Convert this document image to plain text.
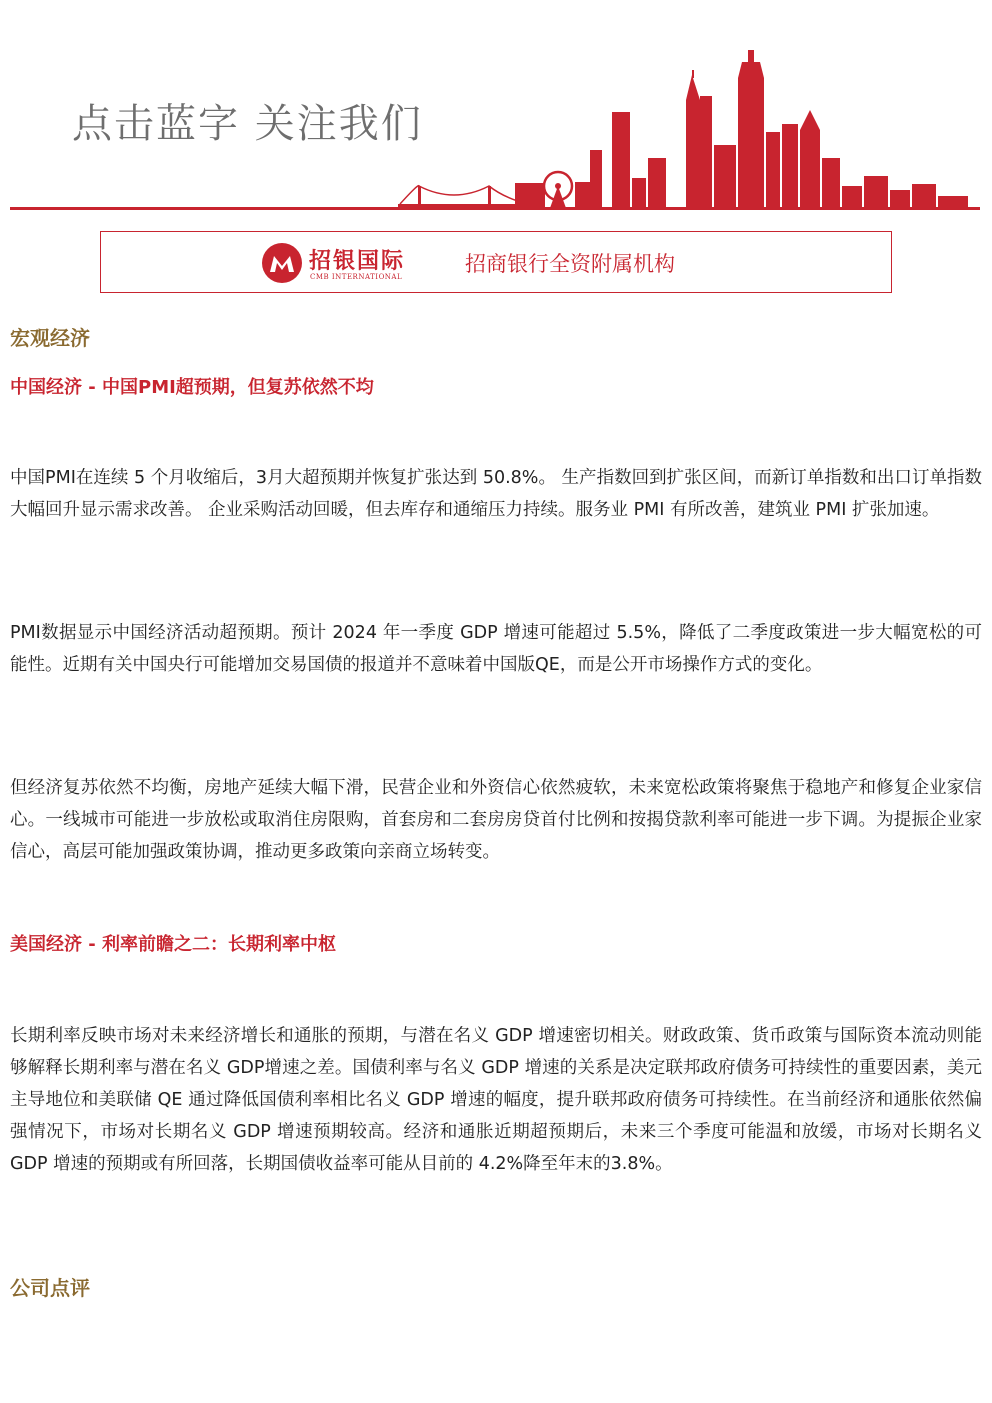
点击蓝字 关注我们
招银国际
CMB INTERNATIONAL
招商银行全资附属机构
宏观经济
中国经济 - 中国PMI超预期，但复苏依然不均
中国PMI在连续 5 个月收缩后，3月大超预期并恢复扩张达到 50.8%。 生产指数回到扩张区间，而新订单指数和出口订单指数大幅回升显示需求改善。 企业采购活动回暖，但去库存和通缩压力持续。服务业 PMI 有所改善，建筑业 PMI 扩张加速。
PMI数据显示中国经济活动超预期。预计 2024 年一季度 GDP 增速可能超过 5.5%，降低了二季度政策进一步大幅宽松的可能性。近期有关中国央行可能增加交易国债的报道并不意味着中国版QE，而是公开市场操作方式的变化。
但经济复苏依然不均衡，房地产延续大幅下滑，民营企业和外资信心依然疲软，未来宽松政策将聚焦于稳地产和修复企业家信心。一线城市可能进一步放松或取消住房限购，首套房和二套房房贷首付比例和按揭贷款利率可能进一步下调。为提振企业家信心，高层可能加强政策协调，推动更多政策向亲商立场转变。
美国经济 - 利率前瞻之二：长期利率中枢
长期利率反映市场对未来经济增长和通胀的预期，与潜在名义 GDP 增速密切相关。财政政策、货币政策与国际资本流动则能够解释长期利率与潜在名义 GDP增速之差。国债利率与名义 GDP 增速的关系是决定联邦政府债务可持续性的重要因素，美元主导地位和美联储 QE 通过降低国债利率相比名义 GDP 增速的幅度，提升联邦政府债务可持续性。在当前经济和通胀依然偏强情况下，市场对长期名义 GDP 增速预期较高。经济和通胀近期超预期后，未来三个季度可能温和放缓，市场对长期名义 GDP 增速的预期或有所回落，长期国债收益率可能从目前的 4.2%降至年末的3.8%。
公司点评
